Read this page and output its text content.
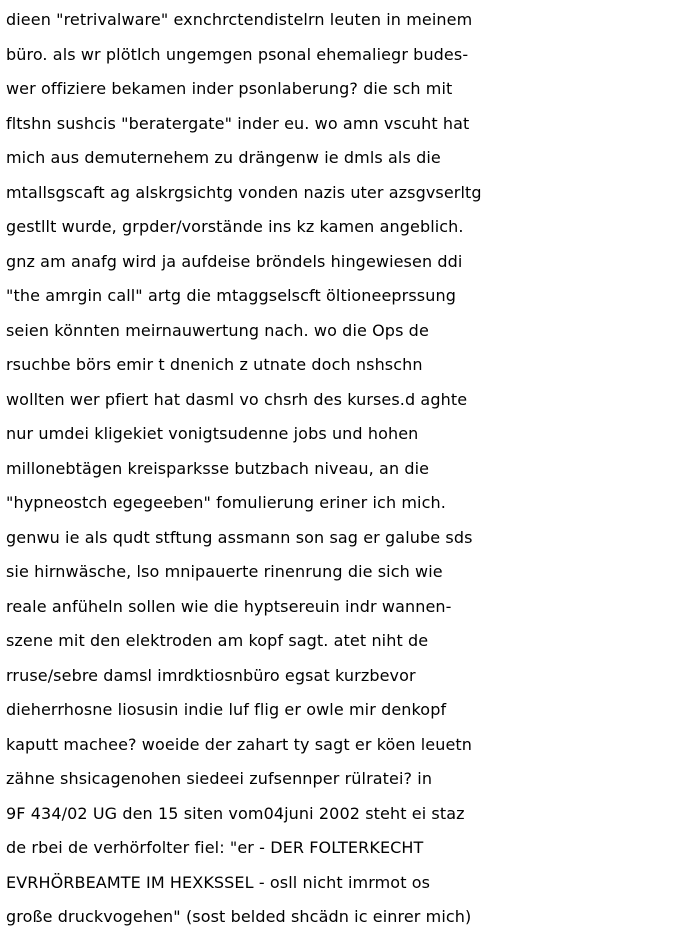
dieen "retrivalware" exnchrctendistelrn leuten in meinem
büro. als wr plötlch ungemgen psonal ehemaliegr budes-
wer offiziere bekamen inder psonlaberung? die sch mit
fltshn sushcis "beratergate" inder eu. wo amn vscuht hat
mich aus demuternehem zu drängenw ie dmls als die
mtallsgscaft ag alskrgsichtg vonden nazis uter azsgvserltg
gestllt wurde, grpder/vorstände ins kz kamen angeblich.
gnz am anafg wird ja aufdeise bröndels hingewiesen ddi
"the amrgin call" artg die mtaggselscft öltioneeprssung
seien könnten meirnauwertung nach. wo die Ops de
rsuchbe börs emir t dnenich z utnate doch nshschn
wollten wer pfiert hat dasml vo chsrh des kurses.d aghte
nur umdei kligekiet vonigtsudenne jobs und hohen
millonebtägen kreisparksse butzbach niveau, an die
"hypneostch egegeeben" fomulierung eriner ich mich.
genwu ie als qudt stftung assmann son sag er galube sds
sie hirnwäsche, lso mnipauerte rinenrung die sich wie
reale anfüheln sollen wie die hyptsereuin indr wannen-
szene mit den elektroden am kopf sagt. atet niht de
rruse/sebre damsl imrdktiosnbüro egsat kurzbevor
dieherrhosne liosusin indie luf flig er owle mir denkopf
kaputt machee? woeide der zahart ty sagt er köen leuetn
zähne shsicagenohen siedeei zufsennper rülratei? in
9F 434/02 UG den 15 siten vom04juni 2002 steht ei staz
de rbei de verhörfolter fiel: "er - DER FOLTERKECHT
EVRHÖRBEAMTE IM HEXKSSEL - osll nicht imrmot os
große druckvogehen" (sost belded shcädn ic einrer mich)
